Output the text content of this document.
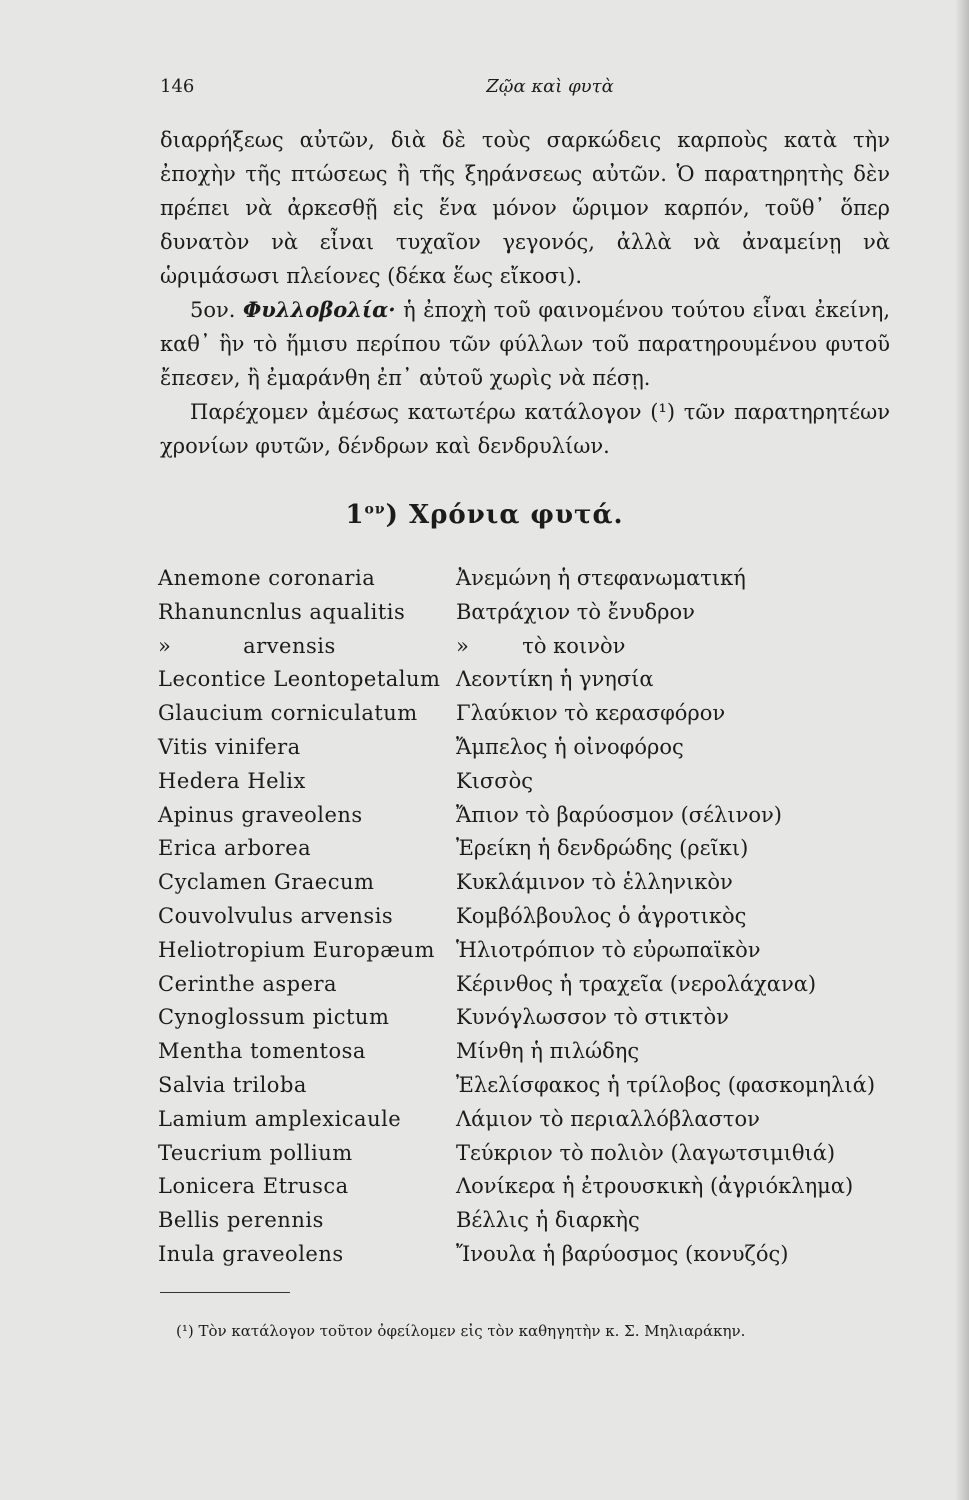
146	Ζῷα καὶ φυτὰ

διαρρήξεως αὐτῶν, διὰ δὲ τοὺς σαρκώδεις καρποὺς κατὰ τὴν ἐποχὴν τῆς πτώσεως ἢ τῆς ξηράνσεως αὐτῶν. Ὁ παρατηρητὴς δὲν πρέπει νὰ ἀρκεσθῇ εἰς ἕνα μόνον ὥριμον καρπόν, τοῦθ᾽ ὅπερ δυνατὸν νὰ εἶναι τυχαῖον γεγονός, ἀλλὰ νὰ ἀναμείνῃ νὰ ὡριμάσωσι πλείονες (δέκα ἕως εἴκοσι).

5ον. Φυλλοβολία· ἡ ἐποχὴ τοῦ φαινομένου τούτου εἶναι ἐκείνη, καθ᾽ ἣν τὸ ἥμισυ περίπου τῶν φύλλων τοῦ παρατηρουμένου φυτοῦ ἔπεσεν, ἢ ἐμαράνθη ἐπ᾽ αὐτοῦ χωρὶς νὰ πέσῃ.

Παρέχομεν ἀμέσως κατωτέρω κατάλογον (¹) τῶν παρατηρητέων χρονίων φυτῶν, δένδρων καὶ δενδρυλίων.

$1^{o\nu}$) Χρόνια φυτά.
Anemone coronaria	Ἀνεμώνη ἡ στεφανωματική
Rhanuncnlus aqualitis Βατράχιον τὸ ἔνυδρον
»          arvensis	»        τὸ κοινὸν
Lecontice Leontopetalum Λεοντίκη ἡ γνησία
Glaucium corniculatum Γλαύκιον τὸ κερασφόρον
Vitis vinifera	Ἄμπελος ἡ οἰνοφόρος
Hedera Helix	Κισσὸς
Apinus graveolens	Ἄπιον τὸ βαρύοσμον (σέλινον)
Erica arborea	Ἐρείκη ἡ δενδρώδης (ρεῖκι)
Cyclamen Graecum	Κυκλάμινον τὸ ἑλληνικὸν
Couvolvulus arvensis	Κομβόλβουλος ὁ ἀγροτικὸς
Heliotropium Europæum Ἡλιοτρόπιον τὸ εὐρωπαϊκὸν
Cerinthe aspera	Κέρινθος ἡ τραχεῖα (νερολάχανα)
Cynoglossum pictum	Κυνόγλωσσον τὸ στικτὸν
Mentha tomentosa	Μίνθη ἡ πιλώδης
Salvia triloba	Ἐλελίσφακος ἡ τρίλοβος (φασκομηλιά)
Lamium amplexicaule	Λάμιον τὸ περιαλλόβλαστον
Teucrium pollium	Τεύκριον τὸ πολιὸν (λαγωτσιμιθιά)
Lonicera Etrusca	Λονίκερα ἡ ἐτρουσκικὴ (ἀγριόκλημα)
Bellis perennis	Βέλλις ἡ διαρκὴς
Inula graveolens	Ἴνουλα ἡ βαρύοσμος (κονυζός)
(¹) Τὸν κατάλογον τοῦτον ὀφείλομεν εἰς τὸν καθηγητὴν κ. Σ. Μηλιαράκην.
